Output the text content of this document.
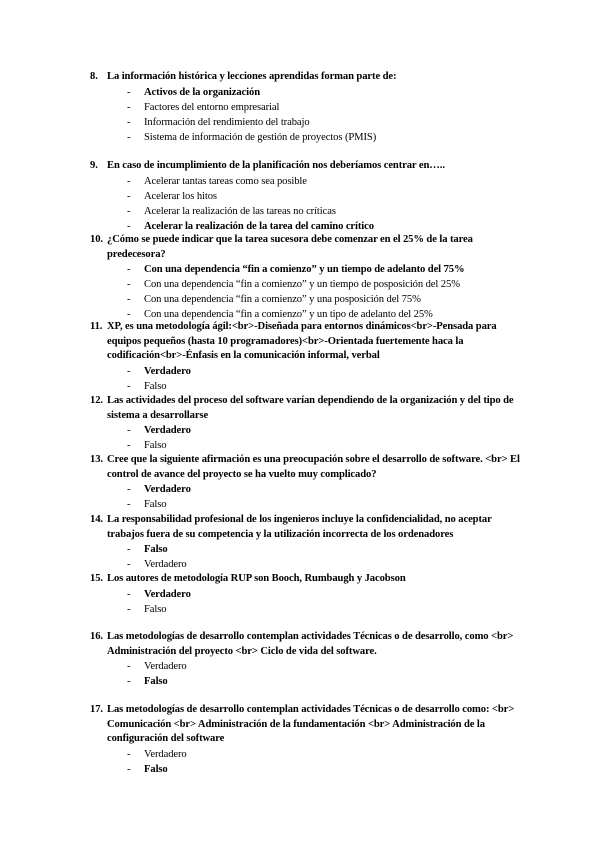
8. La información histórica y lecciones aprendidas forman parte de:
- Activos de la organización
- Factores del entorno empresarial
- Información del rendimiento del trabajo
- Sistema de información de gestión de proyectos (PMIS)
9. En caso de incumplimiento de la planificación nos deberíamos centrar en…..
- Acelerar tantas tareas como sea posible
- Acelerar los hitos
- Acelerar la realización de las tareas no críticas
- Acelerar la realización de la tarea del camino crítico
10. ¿Cómo se puede indicar que la tarea sucesora debe comenzar en el 25% de la tarea predecesora?
- Con una dependencia “fin a comienzo” y un tiempo de adelanto del 75%
- Con una dependencia “fin a comienzo” y un tiempo de posposición del 25%
- Con una dependencia “fin a comienzo” y una posposición del 75%
- Con una dependencia “fin a comienzo” y un tipo de adelanto del 25%
11. XP, es una metodología ágil:<br>-Diseñada para entornos dinámicos<br>-Pensada para equipos pequeños (hasta 10 programadores)<br>-Orientada fuertemente haca la codificación<br>-Énfasis en la comunicación informal, verbal
- Verdadero
- Falso
12. Las actividades del proceso del software varían dependiendo de la organización y del tipo de sistema a desarrollarse
- Verdadero
- Falso
13. Cree que la siguiente afirmación es una preocupación sobre el desarrollo de software. <br> El control de avance del proyecto se ha vuelto muy complicado?
- Verdadero
- Falso
14. La responsabilidad profesional de los ingenieros incluye la confidencialidad, no aceptar trabajos fuera de su competencia y la utilización incorrecta de los ordenadores
- Falso
- Verdadero
15. Los autores de metodología RUP son Booch, Rumbaugh y Jacobson
- Verdadero
- Falso
16. Las metodologías de desarrollo contemplan actividades Técnicas o de desarrollo, como <br> Administración del proyecto <br> Ciclo de vida del software.
- Verdadero
- Falso
17. Las metodologías de desarrollo contemplan actividades Técnicas o de desarrollo como: <br> Comunicación <br> Administración de la fundamentación <br> Administración de la configuración del software
- Verdadero
- Falso
